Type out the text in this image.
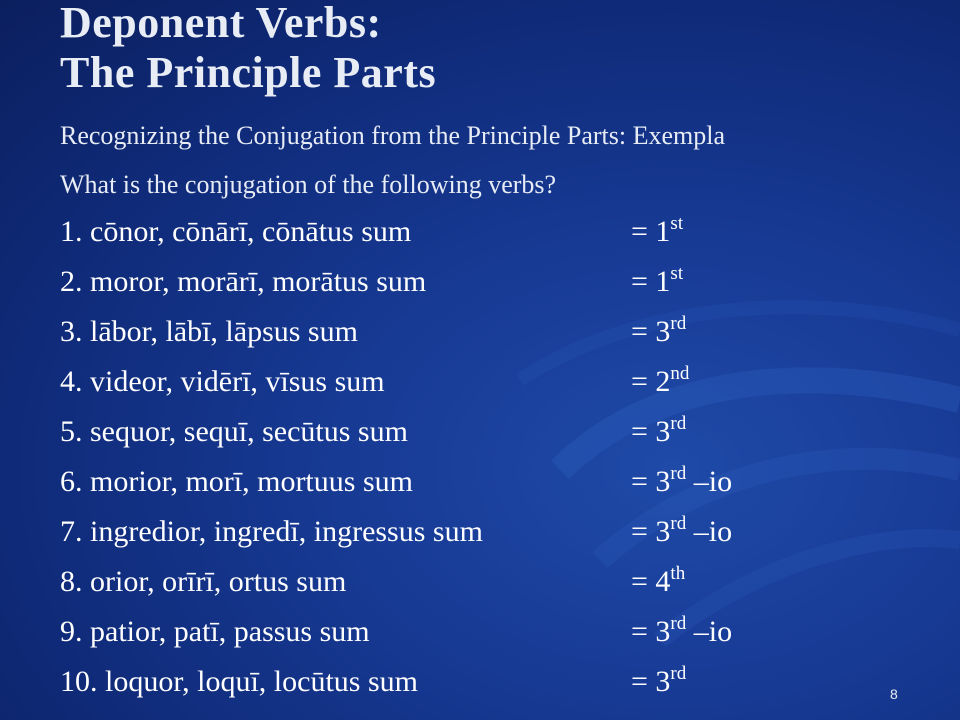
Deponent Verbs:
The Principle Parts

Recognizing the Conjugation from the Principle Parts: Exempla

What is the conjugation of the following verbs?

1. cōnor, cōnārī, cōnātus sum	= 1st
2. moror, morārī, morātus sum	= 1st
3. lābor, lābī, lāpsus sum	= 3rd
4. videor, vidērī, vīsus sum	= 2nd
5. sequor, sequī, secūtus sum	= 3rd
6. morior, morī, mortuus sum	= 3rd –io
7. ingredior, ingredī, ingressus sum	= 3rd –io
8. orior, orīrī, ortus sum	= 4th
9. patior, patī, passus sum	= 3rd –io
10. loquor, loquī, locūtus sum	= 3rd
8
